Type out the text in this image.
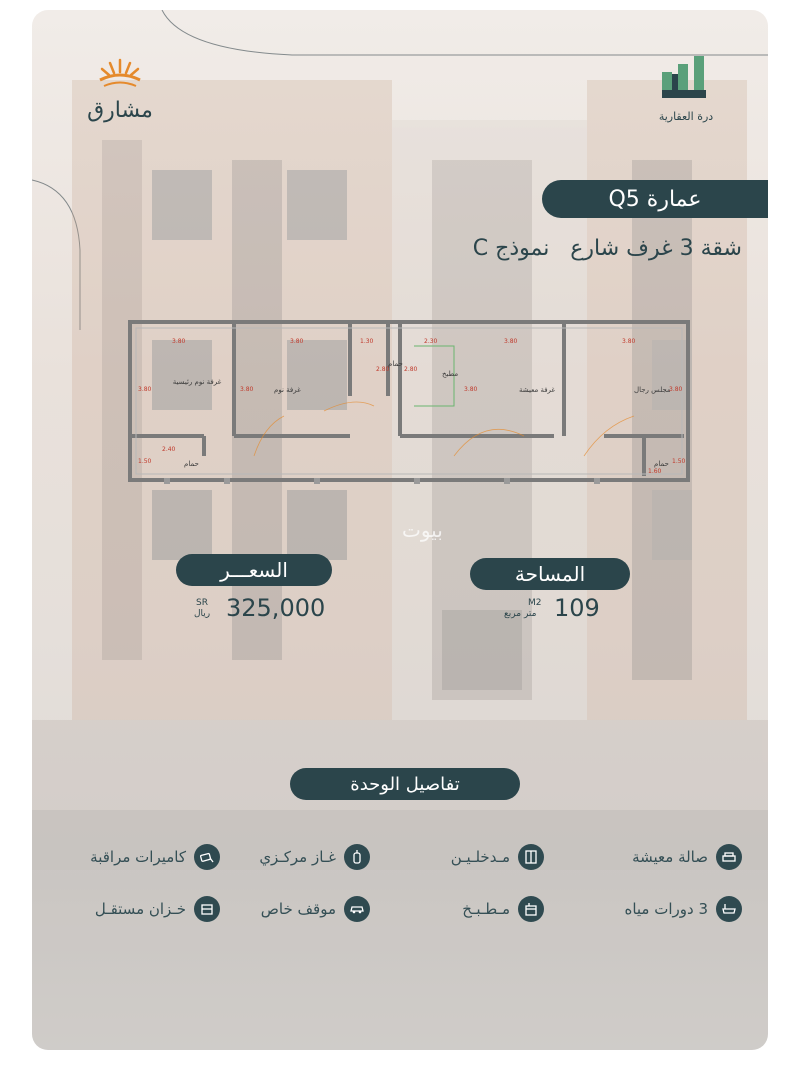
مشارق	درة العقارية
عمارة Q5
شقة 3 غرف شارع   نموذج C
غرفة نوم رئيسية
غرفة نوم
حمام
مطبخ
غرفة معيشة	مجلس رجال
حمام	حمام
3.80	3.80	1.30	2.30	3.80	3.80
3.80	3.80
2.80 2.80
3.80	3.80
2.40
1.50
1.60
1.50
بيوت
السعـــر
325,000
SR
ريال
المساحة
109
M2
متر مربع
تفاصيل الوحدة
صالة معيشة
مـدخلـيـن
غـاز مركـزي
كاميرات مراقبة
3 دورات مياه
مـطـبـخ
موقف خاص
خـزان مستقـل
